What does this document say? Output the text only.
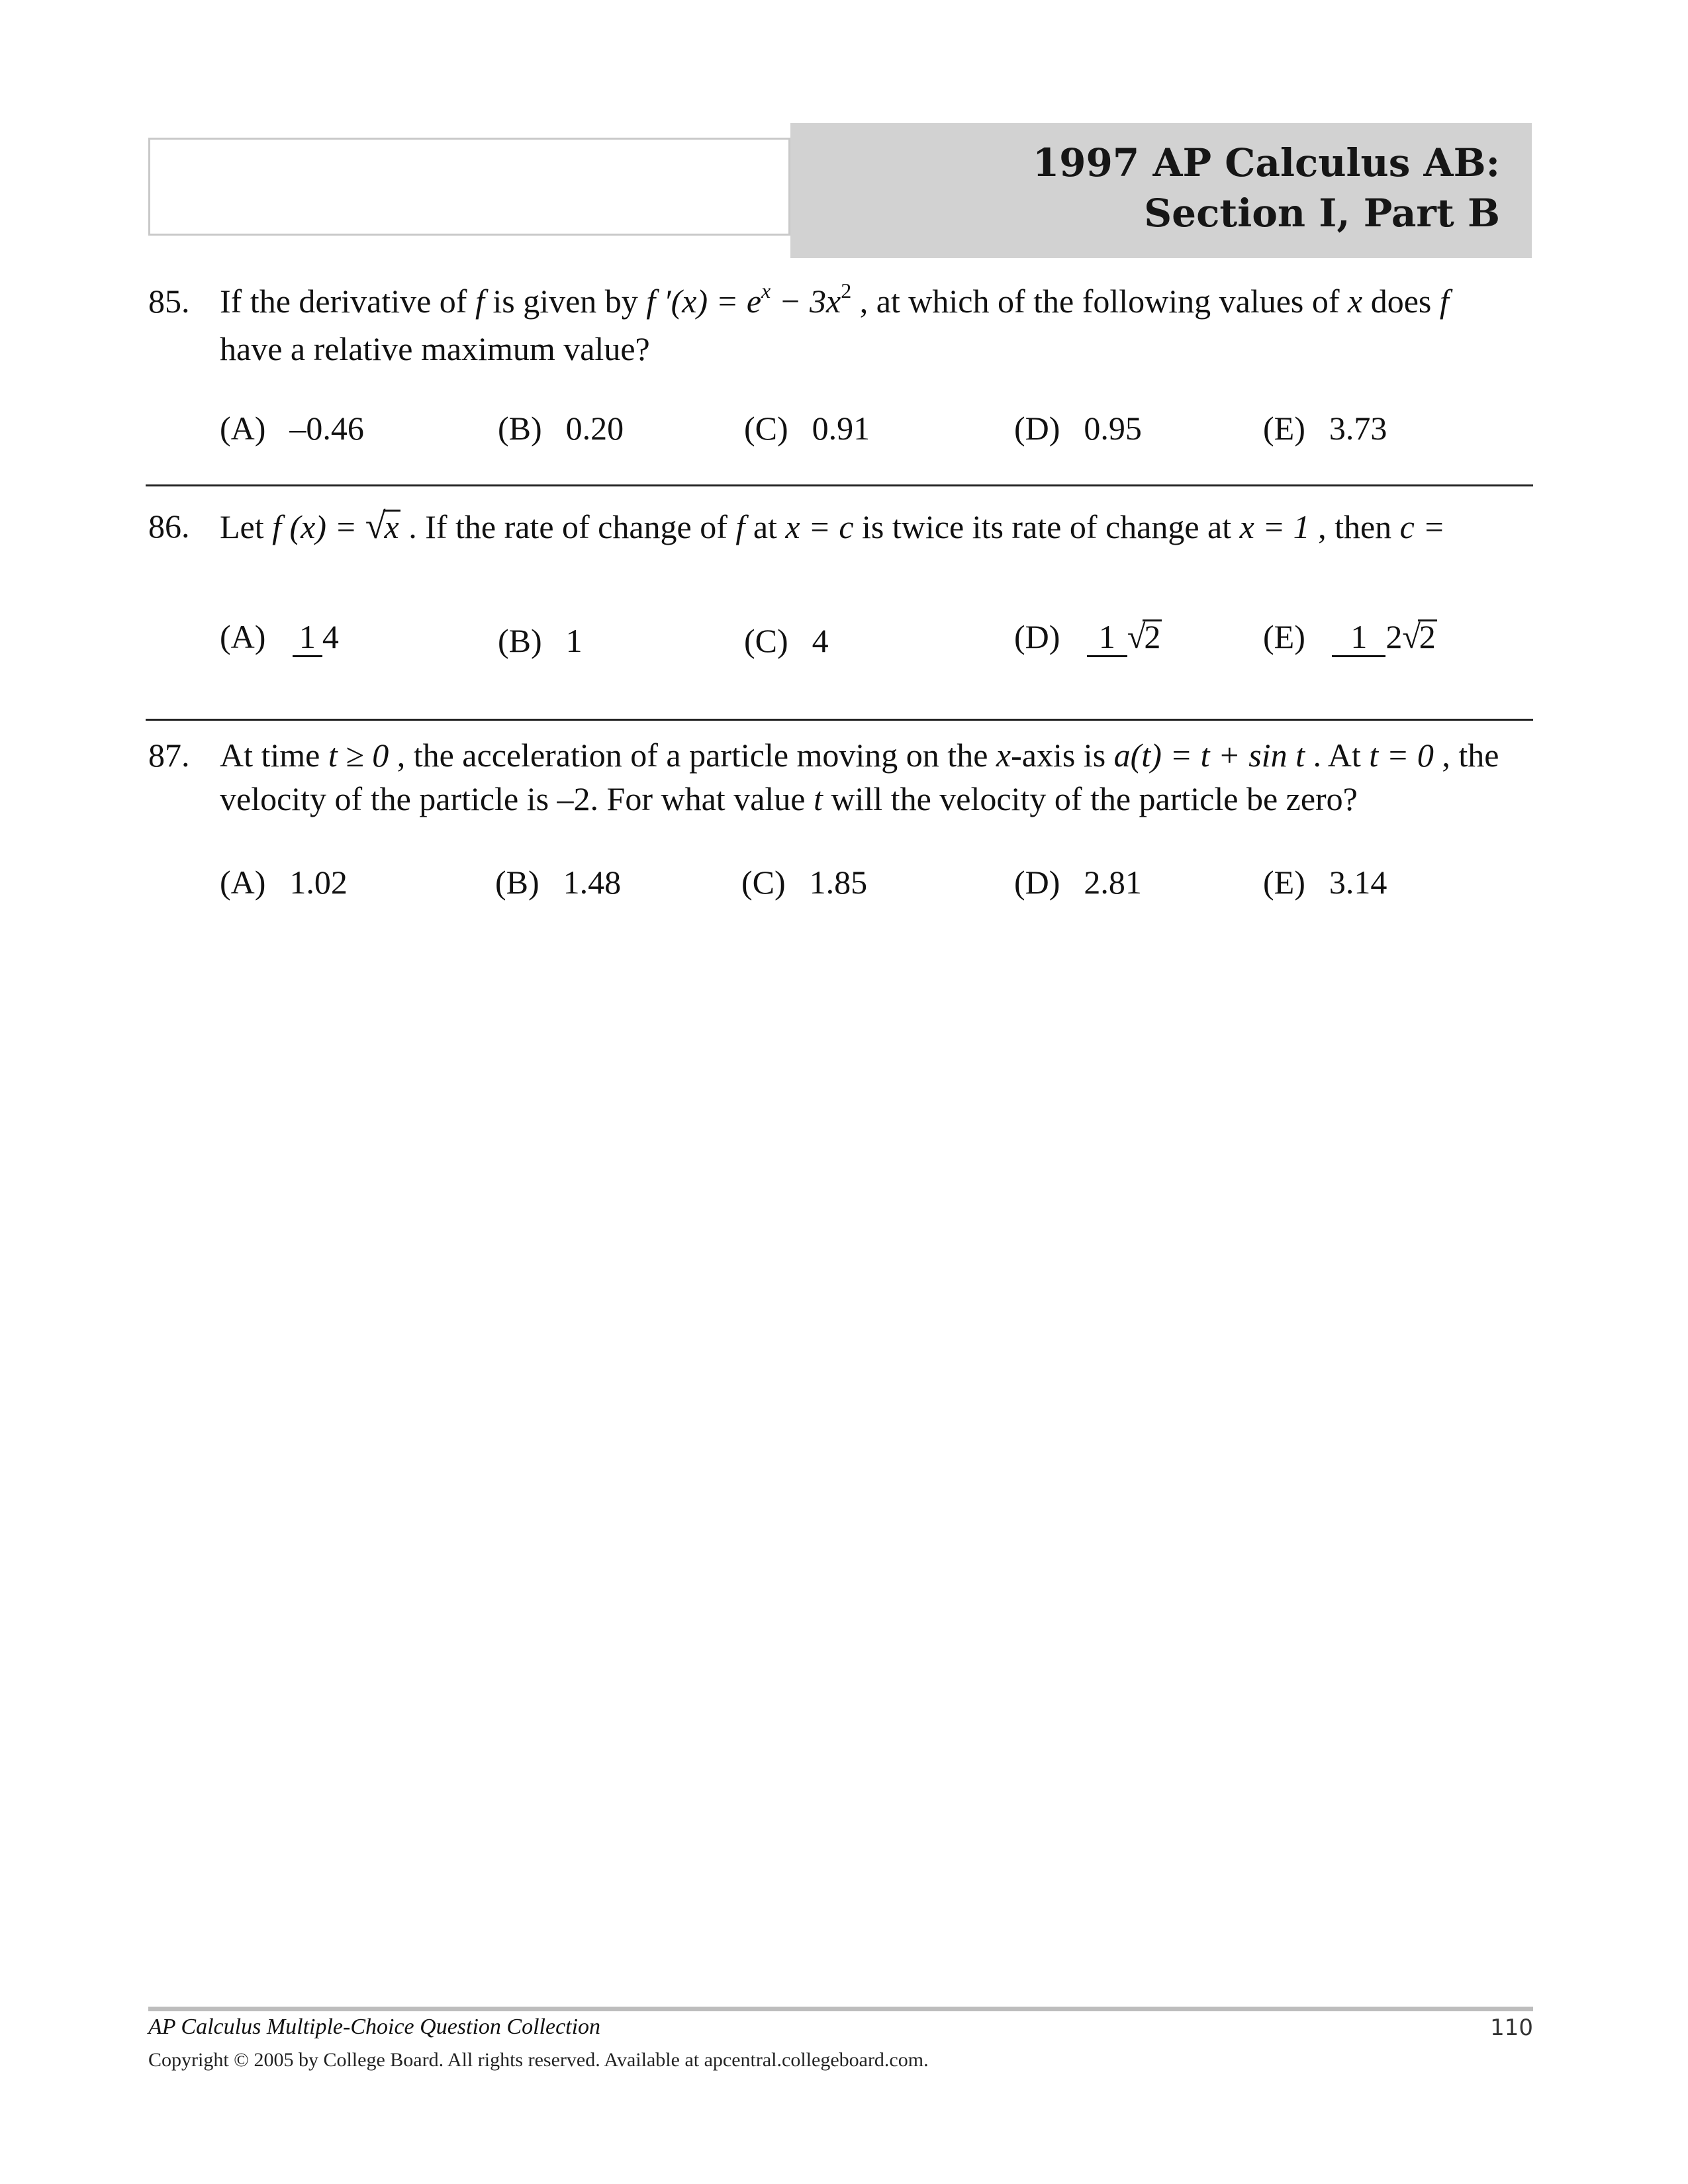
1997 AP Calculus AB:
Section I, Part B
85. If the derivative of f is given by f $'(x) = e^x - 3x^2$ , at which of the following values of x does f
have a relative maximum value?
(A) –0.46	(B) 0.20	(C) 0.91	(D) 0.95	(E) 3.73
86. Let f (x) = √x . If the rate of change of f at x = c is twice its rate of change at x = 1 , then c =
(A) 1 4	(B) 1	(C) 4	(D) 1 √2	(E) 1 2√2
87. At time t ≥ 0 , the acceleration of a particle moving on the x-axis is a(t) = t + sin t . At t = 0 , the
velocity of the particle is –2. For what value t will the velocity of the particle be zero?
(A) 1.02	(B) 1.48	(C) 1.85	(D) 2.81	(E) 3.14
AP Calculus Multiple-Choice Question Collection	110
Copyright © 2005 by College Board. All rights reserved. Available at apcentral.collegeboard.com.
